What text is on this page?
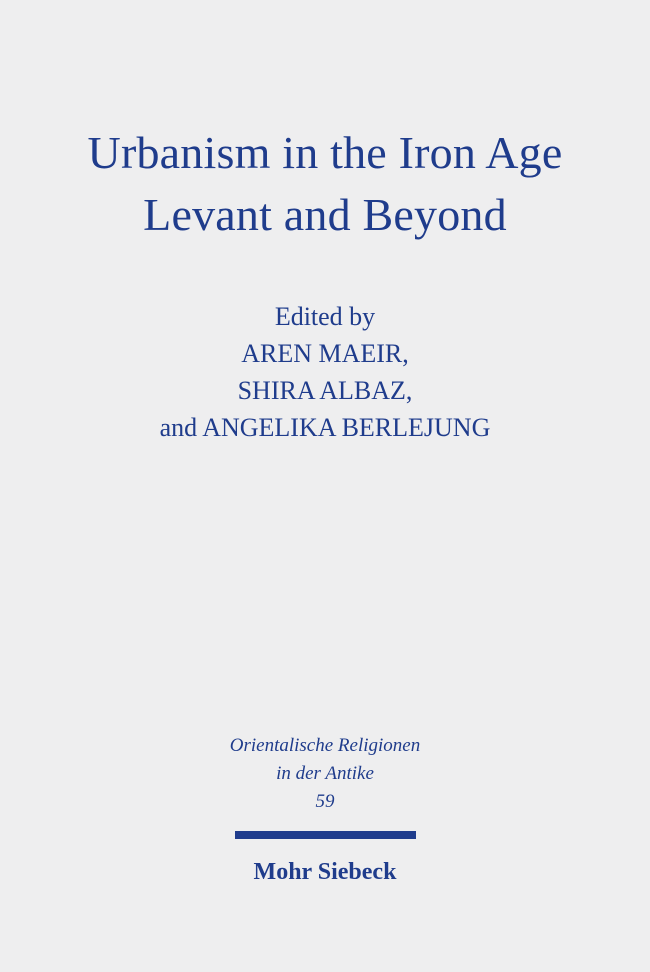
Urbanism in the Iron Age
Levant and Beyond
Edited by
AREN MAEIR,
SHIRA ALBAZ,
and ANGELIKA BERLEJUNG
Orientalische Religionen
in der Antike
59
Mohr Siebeck
